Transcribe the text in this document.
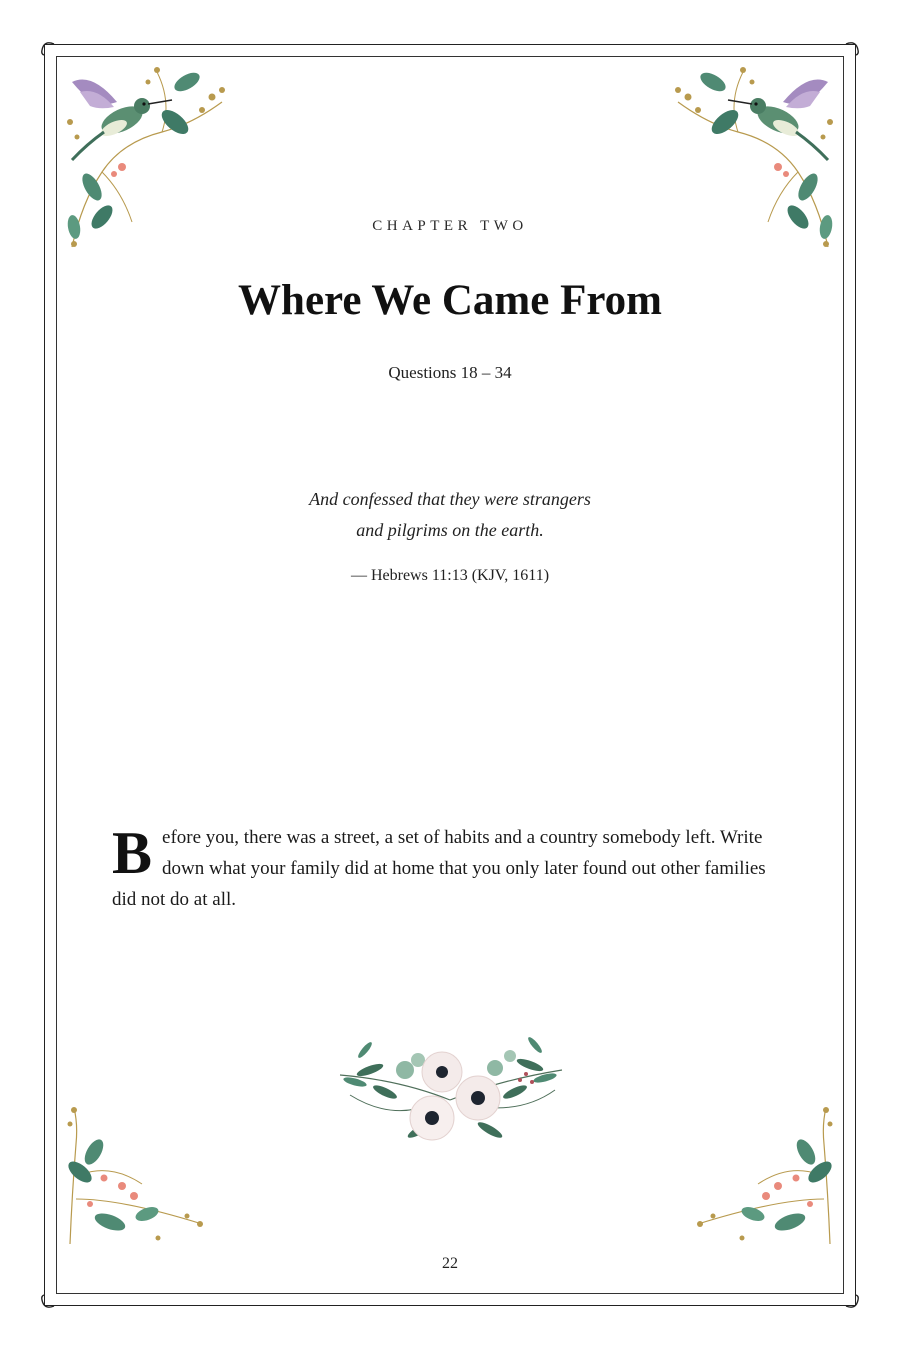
CHAPTER TWO
Where We Came From
Questions 18 – 34
And confessed that they were strangers
and pilgrims on the earth.
— Hebrews 11:13 (KJV, 1611)

Before you, there was a street, a set of habits and a country somebody left. Write down what your family did at home that you only later found out other families did not do at all.

22
